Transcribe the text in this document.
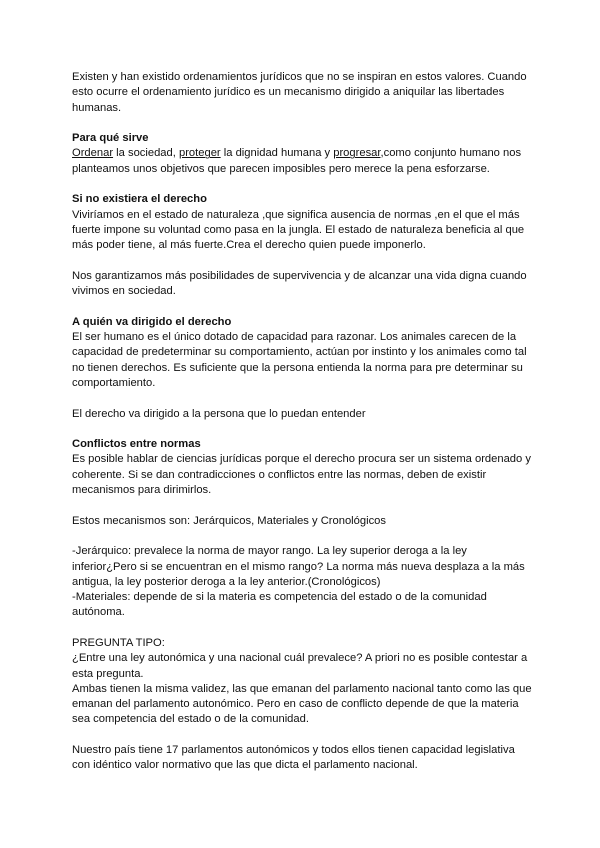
Existen y han existido ordenamientos jurídicos que no se inspiran en estos valores. Cuando esto ocurre el ordenamiento jurídico es un mecanismo dirigido a aniquilar las libertades humanas.

Para qué sirve

Ordenar la sociedad, proteger la dignidad humana y progresar,como conjunto humano nos planteamos unos objetivos que parecen imposibles pero merece la pena esforzarse.

Si no existiera el derecho

Viviríamos en el estado de naturaleza ,que significa ausencia de normas ,en el que el más fuerte impone su voluntad como pasa en la jungla. El estado de naturaleza beneficia al que más poder tiene, al más fuerte.Crea el derecho quien puede imponerlo.

Nos garantizamos más posibilidades de supervivencia y de alcanzar una vida digna cuando vivimos en sociedad.

A quién va dirigido el derecho

El ser humano es el único dotado de capacidad para razonar. Los animales carecen de la capacidad de predeterminar su comportamiento, actúan por instinto y los animales como tal no tienen derechos. Es suficiente que la persona entienda la norma para pre determinar su comportamiento.

El derecho va dirigido a la persona que lo puedan entender

Conflictos entre normas

Es posible hablar de ciencias jurídicas porque el derecho procura ser un sistema ordenado y coherente. Si se dan contradicciones o conflictos entre las normas, deben de existir mecanismos para dirimirlos.

Estos mecanismos son: Jerárquicos, Materiales y Cronológicos

-Jerárquico: prevalece la norma de mayor rango. La ley superior deroga a la ley inferior¿Pero si se encuentran en el mismo rango? La norma más nueva desplaza a la más antigua, la ley posterior deroga a la ley anterior.(Cronológicos)

-Materiales: depende de si la materia es competencia del estado o de la comunidad autónoma.

PREGUNTA TIPO:

¿Entre una ley autonómica y una nacional cuál prevalece? A priori no es posible contestar a esta pregunta.

Ambas tienen la misma validez, las que emanan del parlamento nacional tanto como las que emanan del parlamento autonómico. Pero en caso de conflicto depende de que la materia sea competencia del estado o de la comunidad.

Nuestro país tiene 17 parlamentos autonómicos y todos ellos tienen capacidad legislativa con idéntico valor normativo que las que dicta el parlamento nacional.
